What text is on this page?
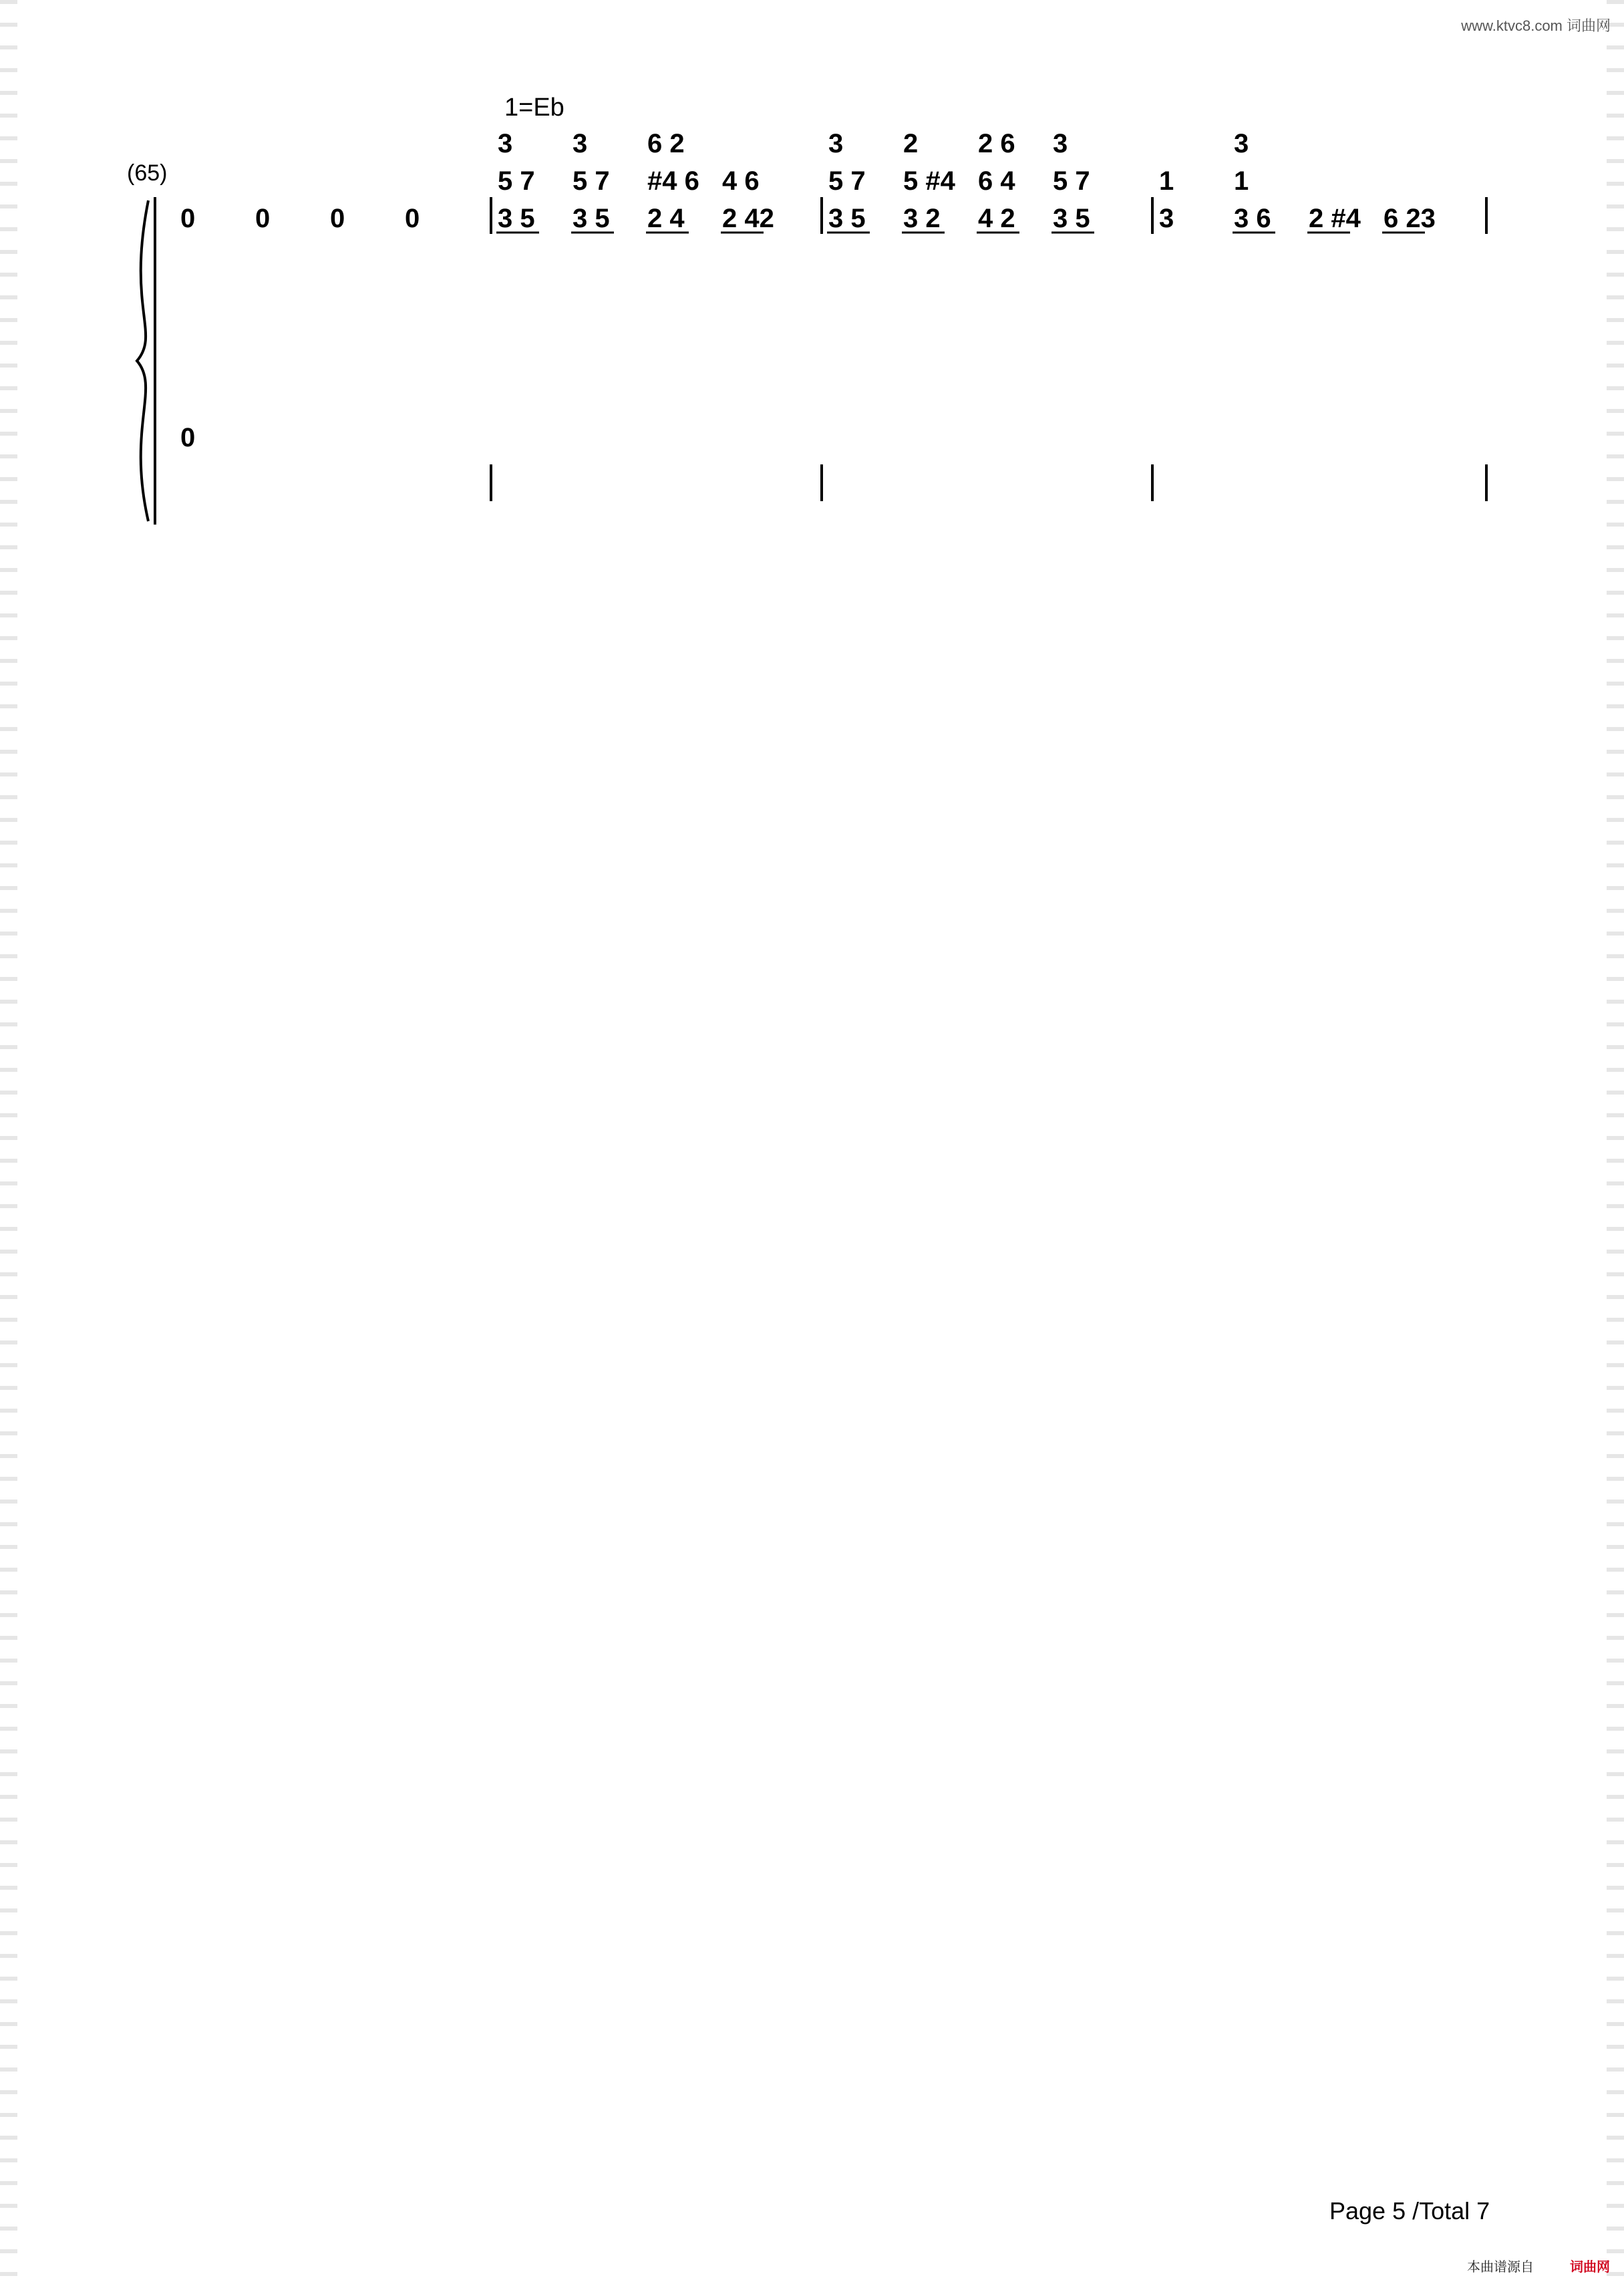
www.ktvc8.com 词曲网
1=Eb
(65)
0 0 0 0
3
5 7
3 5
3
5 7
3 5
6 2
#4 6
2 4
4 6
2 42
3
5 7
3 5
2
5 #4
3 2
2 6
6 4
4 2
3
5 7
3 5
1
3
3
1
3 6 2 #4 6 23
0
Page 5 /Total 7
本曲谱源自	词曲网
